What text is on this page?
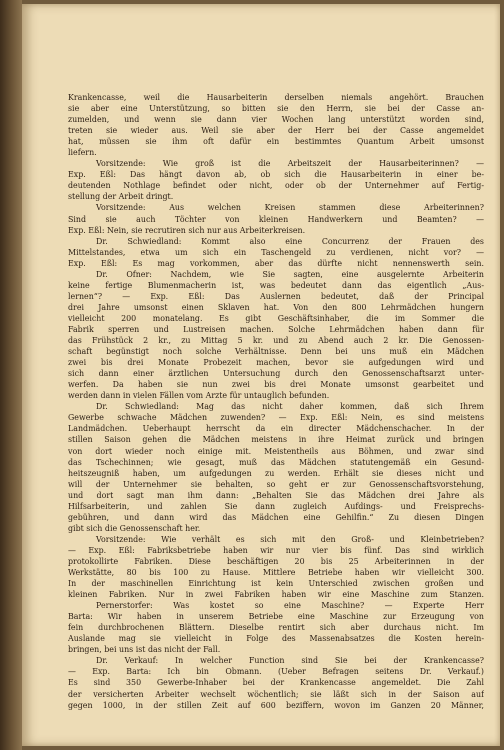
Krankencasse, weil die Hausarbeiterin derselben niemals angehört. Brauchen
sie aber eine Unterstützung, so bitten sie den Herrn, sie bei der Casse an-
zumelden, und wenn sie dann vier Wochen lang unterstützt worden sind,
treten sie wieder aus. Weil sie aber der Herr bei der Casse angemeldet
hat, müssen sie ihm oft dafür ein bestimmtes Quantum Arbeit umsonst
liefern.
Vorsitzende: Wie groß ist die Arbeitszeit der Hausarbeiterinnen? —
Exp. Eßl: Das hängt davon ab, ob sich die Hausarbeiterin in einer be-
deutenden Nothlage befindet oder nicht, oder ob der Unternehmer auf Fertig-
stellung der Arbeit dringt.
Vorsitzende: Aus welchen Kreisen stammen diese Arbeiterinnen?
Sind sie auch Töchter von kleinen Handwerkern und Beamten? —
Exp. Eßl: Nein, sie recrutiren sich nur aus Arbeiterkreisen.
Dr. Schwiedland: Kommt also eine Concurrenz der Frauen des
Mittelstandes, etwa um sich ein Taschengeld zu verdienen, nicht vor? —
Exp. Eßl: Es mag vorkommen, aber das dürfte nicht nennenswerth sein.
Dr. Ofner: Nachdem, wie Sie sagten, eine ausgelernte Arbeiterin
keine fertige Blumenmacherin ist, was bedeutet dann das eigentlich „Aus-
lernen“? — Exp. Eßl: Das Auslernen bedeutet, daß der Principal
drei Jahre umsonst einen Sklaven hat. Von den 800 Lehrmädchen hungern
vielleicht 200 monatelang. Es gibt Geschäftsinhaber, die im Sommer die
Fabrik sperren und Lustreisen machen. Solche Lehrmädchen haben dann für
das Frühstück 2 kr., zu Mittag 5 kr. und zu Abend auch 2 kr. Die Genossen-
schaft begünstigt noch solche Verhältnisse. Denn bei uns muß ein Mädchen
zwei bis drei Monate Probezeit machen, bevor sie aufgedungen wird und
sich dann einer ärztlichen Untersuchung durch den Genossenschaftsarzt unter-
werfen. Da haben sie nun zwei bis drei Monate umsonst gearbeitet und
werden dann in vielen Fällen vom Arzte für untauglich befunden.
Dr. Schwiedland: Mag das nicht daher kommen, daß sich Ihrem
Gewerbe schwache Mädchen zuwenden? — Exp. Eßl: Nein, es sind meistens
Landmädchen. Ueberhaupt herrscht da ein directer Mädchenschacher. In der
stillen Saison gehen die Mädchen meistens in ihre Heimat zurück und bringen
von dort wieder noch einige mit. Meistentheils aus Böhmen, und zwar sind
das Tschechinnen; wie gesagt, muß das Mädchen statutengemäß ein Gesund-
heitszeugniß haben, um aufgedungen zu werden. Erhält sie dieses nicht und
will der Unternehmer sie behalten, so geht er zur Genossenschaftsvorstehung,
und dort sagt man ihm dann: „Behalten Sie das Mädchen drei Jahre als
Hilfsarbeiterin, und zahlen Sie dann zugleich Aufdings- und Freisprechs-
gebühren, und dann wird das Mädchen eine Gehilfin.“ Zu diesen Dingen
gibt sich die Genossenschaft her.
Vorsitzende: Wie verhält es sich mit den Groß- und Kleinbetrieben?
— Exp. Eßl: Fabriksbetriebe haben wir nur vier bis fünf. Das sind wirklich
protokollirte Fabriken. Diese beschäftigen 20 bis 25 Arbeiterinnen in der
Werkstätte, 80 bis 100 zu Hause. Mittlere Betriebe haben wir vielleicht 300.
In der maschinellen Einrichtung ist kein Unterschied zwischen großen und
kleinen Fabriken. Nur in zwei Fabriken haben wir eine Maschine zum Stanzen.
Pernerstorfer: Was kostet so eine Maschine? — Experte Herr
Barta: Wir haben in unserem Betriebe eine Maschine zur Erzeugung von
fein durchbrochenen Blättern. Dieselbe rentirt sich aber durchaus nicht. Im
Auslande mag sie vielleicht in Folge des Massenabsatzes die Kosten herein-
bringen, bei uns ist das nicht der Fall.
Dr. Verkauf: In welcher Function sind Sie bei der Krankencasse?
— Exp. Barta: Ich bin Obmann. (Ueber Befragen seitens Dr. Verkauf.)
Es sind 350 Gewerbe-Inhaber bei der Krankencasse angemeldet. Die Zahl
der versicherten Arbeiter wechselt wöchentlich; sie läßt sich in der Saison auf
gegen 1000, in der stillen Zeit auf 600 beziffern, wovon im Ganzen 20 Männer,
